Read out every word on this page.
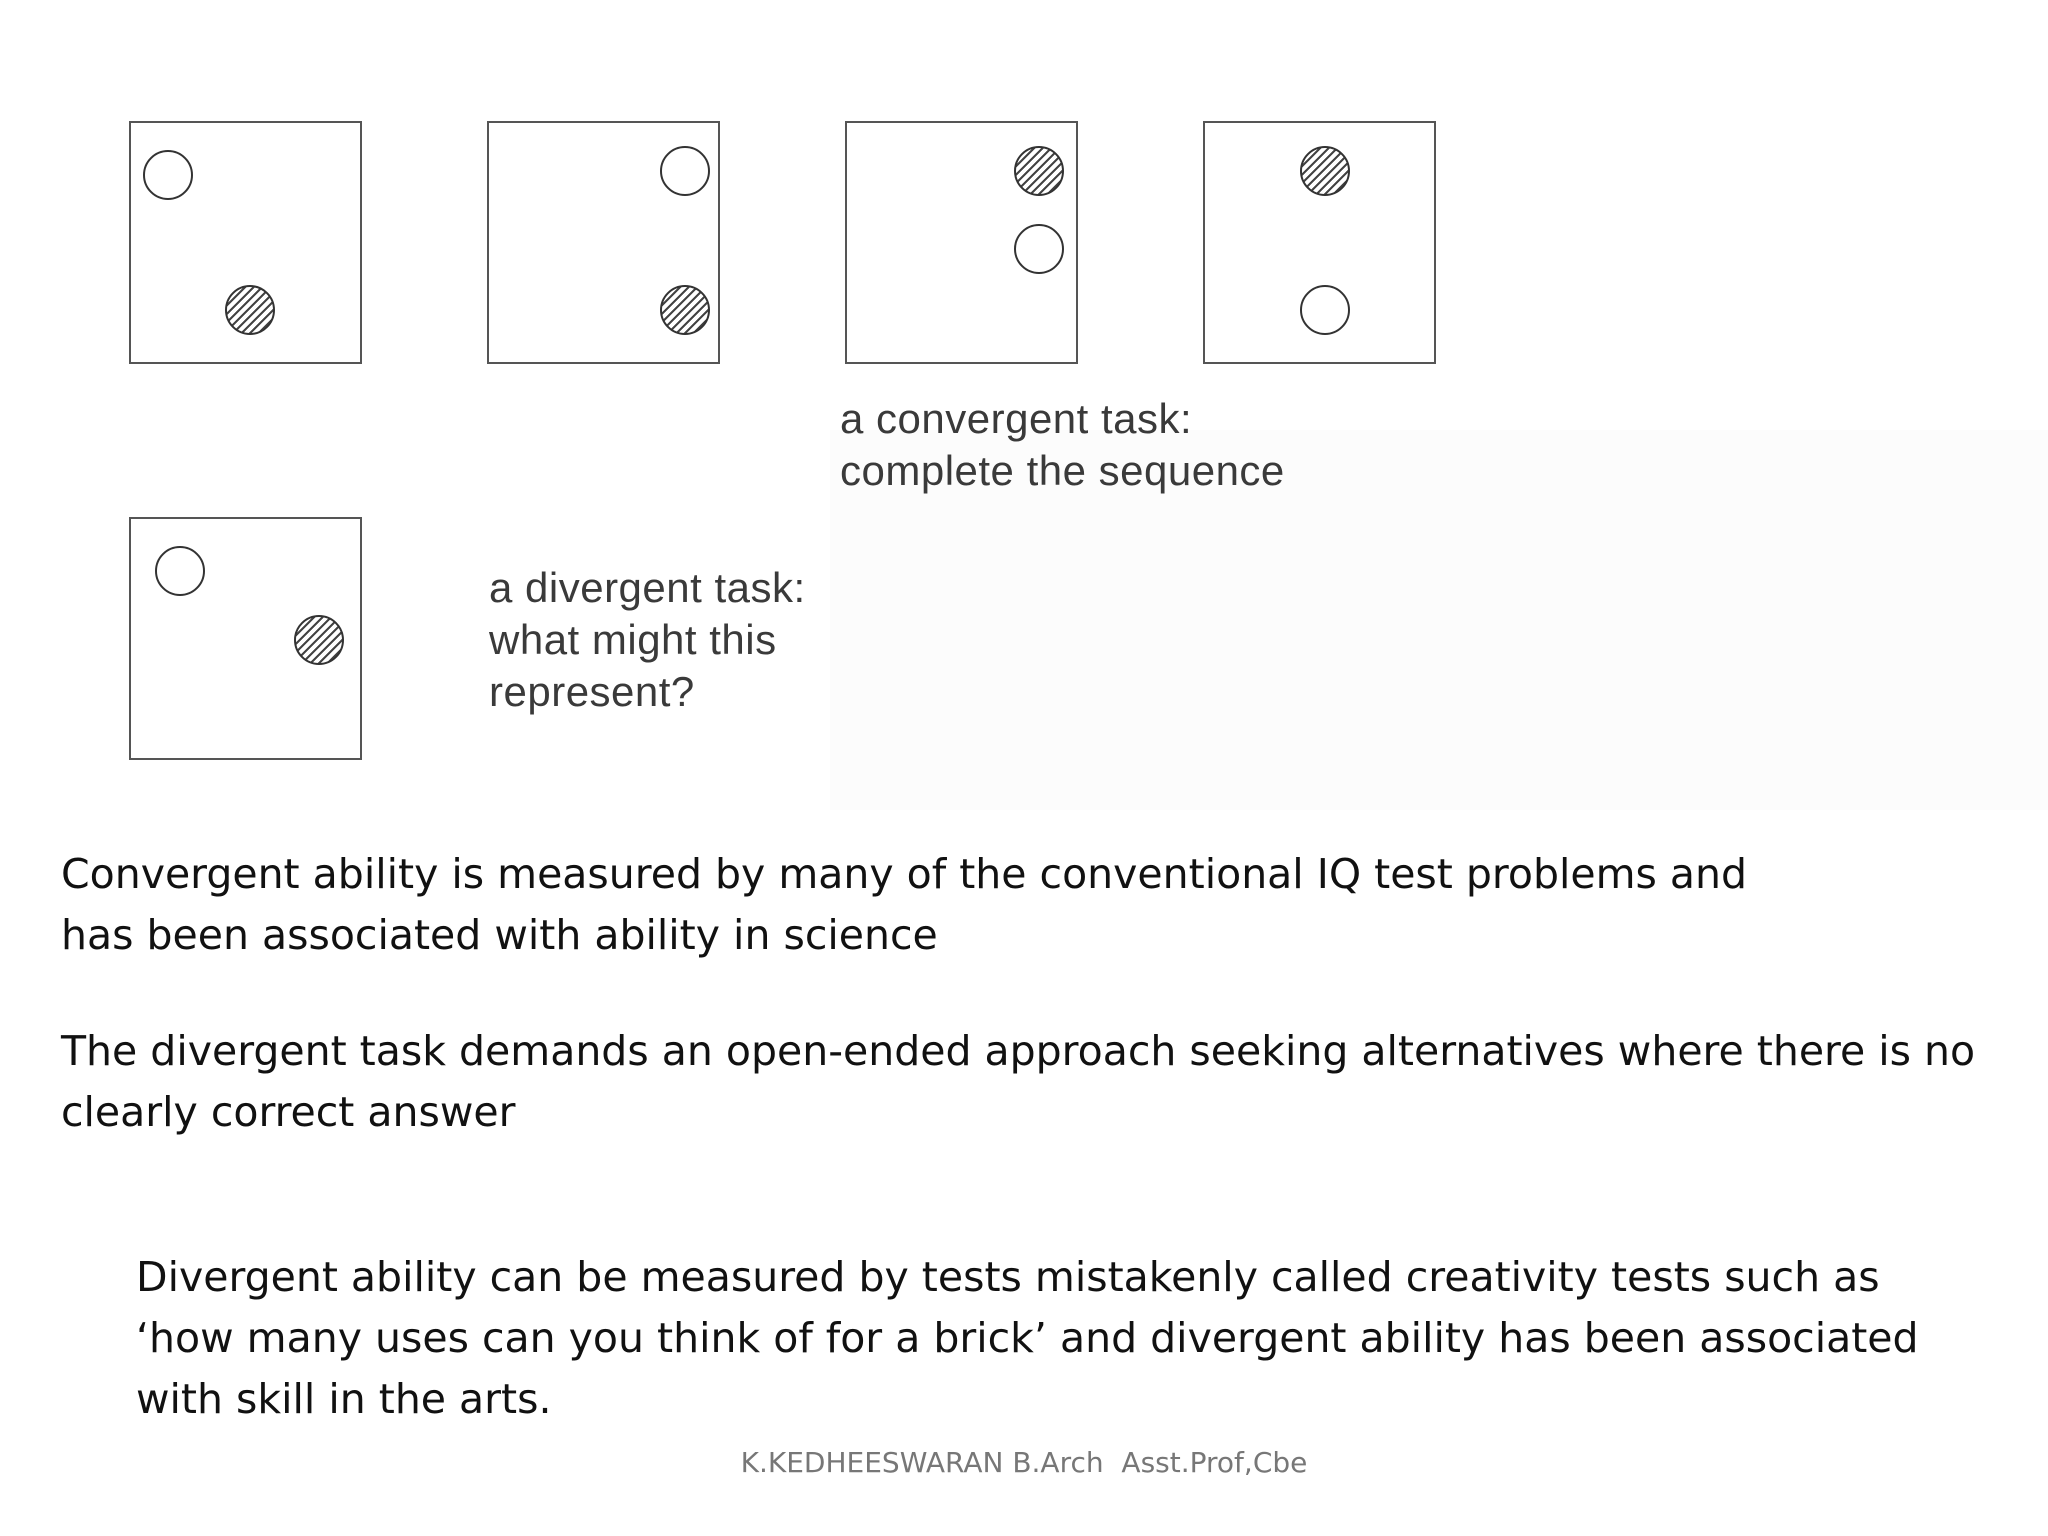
a convergent task:
complete the sequence
a divergent task:
what might this
represent?
Convergent ability is measured by many of the conventional IQ test problems and
has been associated with ability in science
The divergent task demands an open-ended approach seeking alternatives where there is no
clearly correct answer
Divergent ability can be measured by tests mistakenly called creativity tests such as
‘how many uses can you think of for a brick’ and divergent ability has been associated
with skill in the arts.
K.KEDHEESWARAN B.Arch  Asst.Prof,Cbe
